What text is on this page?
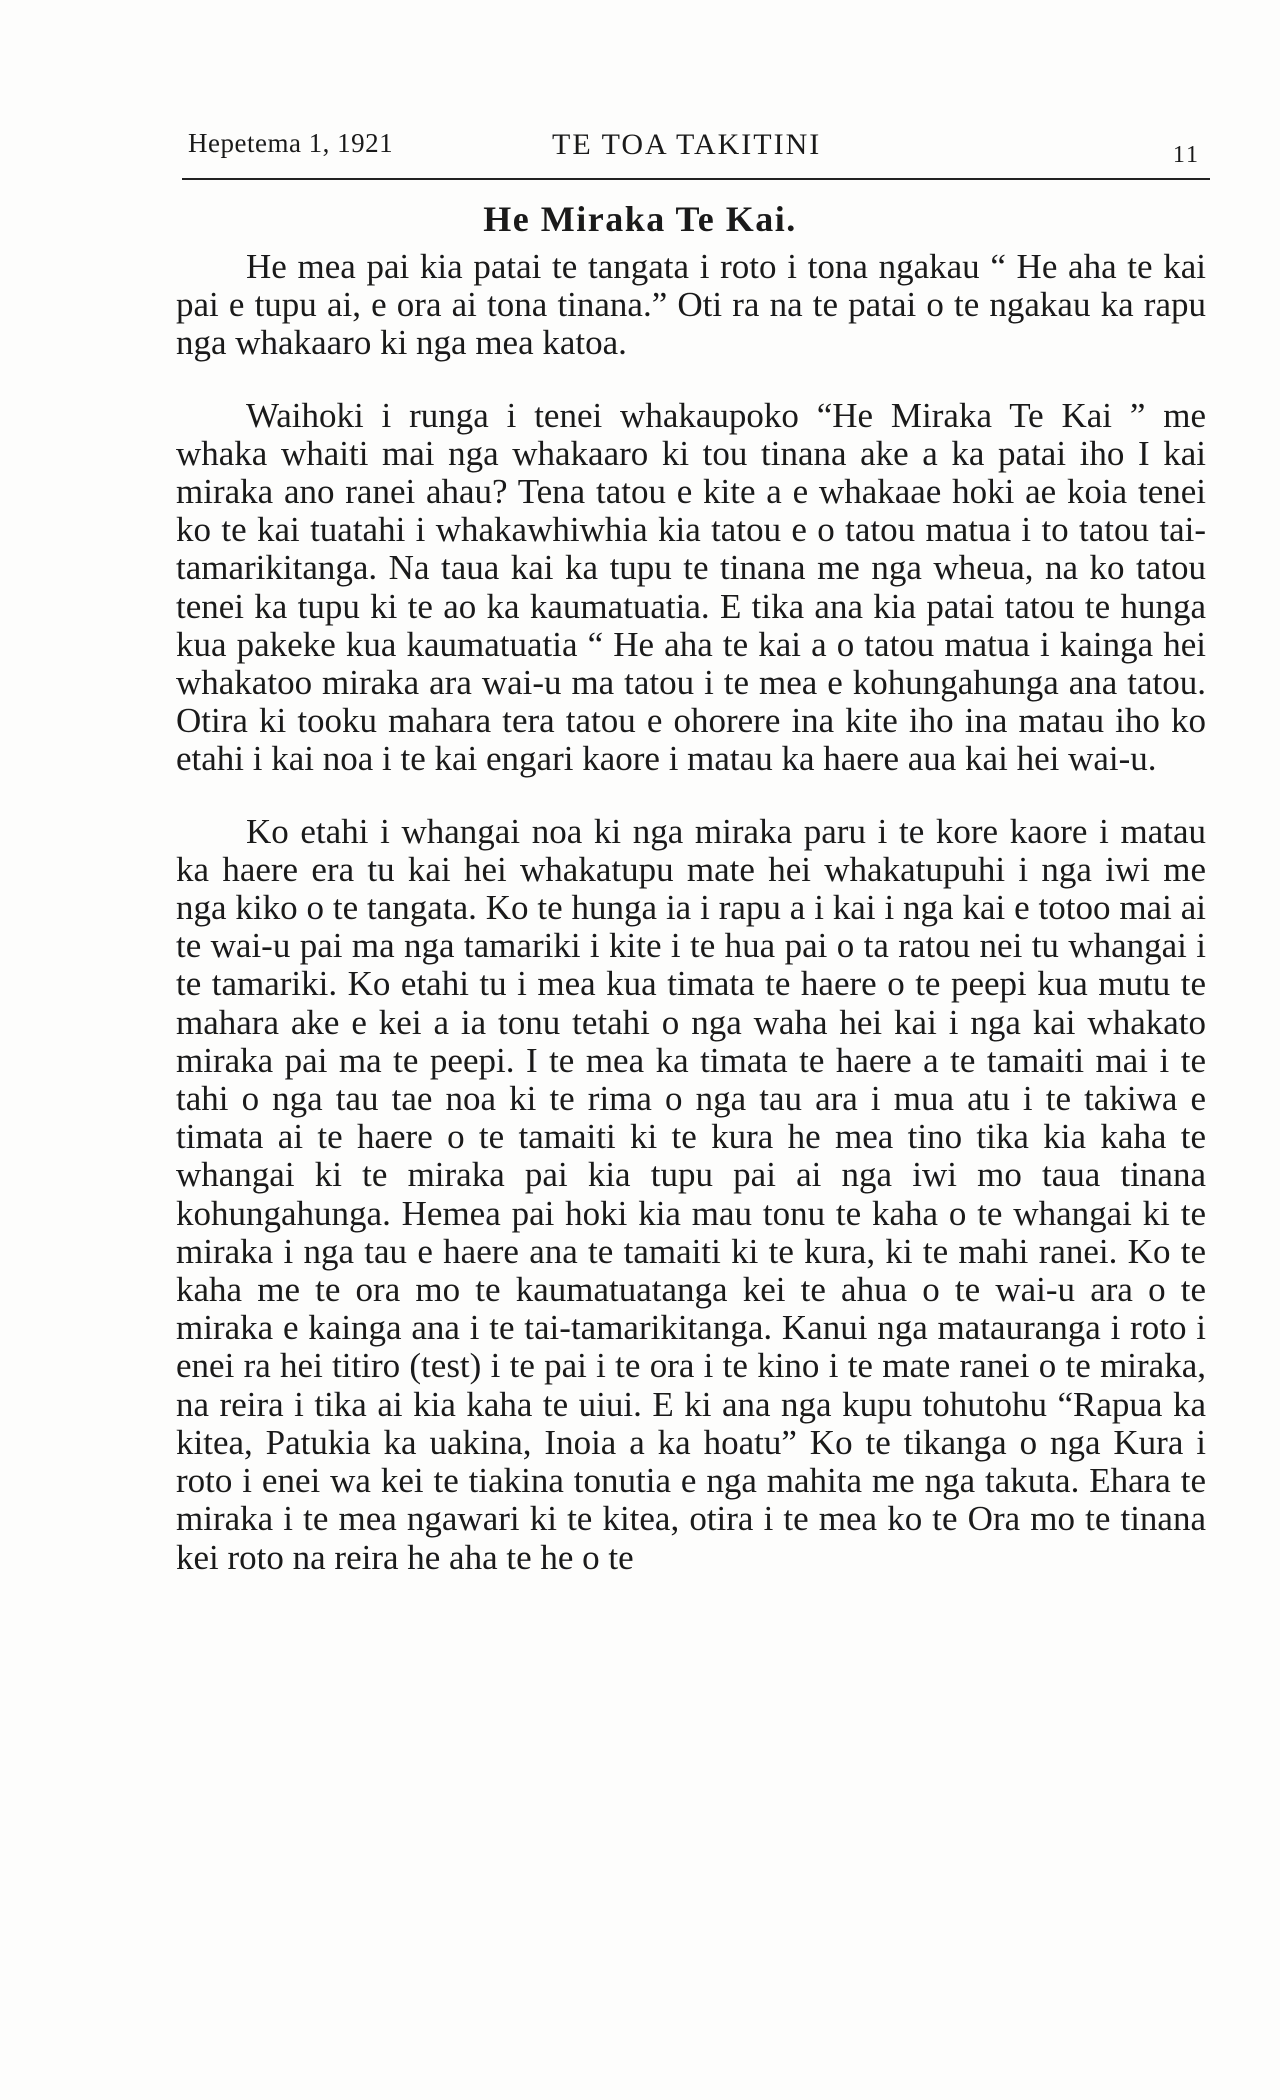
Hepetema 1, 1921	TE TOA TAKITINI	11
He Miraka Te Kai.

He mea pai kia patai te tangata i roto i tona ngakau “ He aha te kai pai e tupu ai, e ora ai tona tinana.” Oti ra na te patai o te ngakau ka rapu nga whakaaro ki nga mea katoa.

Waihoki i runga i tenei whakaupoko “He Miraka Te Kai ” me whaka whaiti mai nga whakaaro ki tou tinana ake a ka patai iho I kai miraka ano ranei ahau? Tena tatou e kite a e whakaae hoki ae koia tenei ko te kai tuatahi i whakawhiwhia kia tatou e o tatou matua i to tatou tai-tamarikitanga. Na taua kai ka tupu te tinana me nga wheua, na ko tatou tenei ka tupu ki te ao ka kaumatuatia. E tika ana kia patai tatou te hunga kua pakeke kua kaumatuatia “ He aha te kai a o tatou matua i kainga hei whakatoo miraka ara wai-u ma tatou i te mea e kohungahunga ana tatou. Otira ki tooku mahara tera tatou e ohorere ina kite iho ina matau iho ko etahi i kai noa i te kai engari kaore i matau ka haere aua kai hei wai-u.

Ko etahi i whangai noa ki nga miraka paru i te kore kaore i matau ka haere era tu kai hei whakatupu mate hei whakatupuhi i nga iwi me nga kiko o te tangata. Ko te hunga ia i rapu a i kai i nga kai e totoo mai ai te wai-u pai ma nga tamariki i kite i te hua pai o ta ratou nei tu whangai i te tamariki. Ko etahi tu i mea kua timata te haere o te peepi kua mutu te mahara ake e kei a ia tonu tetahi o nga waha hei kai i nga kai whakato miraka pai ma te peepi. I te mea ka timata te haere a te tamaiti mai i te tahi o nga tau tae noa ki te rima o nga tau ara i mua atu i te takiwa e timata ai te haere o te tamaiti ki te kura he mea tino tika kia kaha te whangai ki te miraka pai kia tupu pai ai nga iwi mo taua tinana kohungahunga. Hemea pai hoki kia mau tonu te kaha o te whangai ki te miraka i nga tau e haere ana te tamaiti ki te kura, ki te mahi ranei. Ko te kaha me te ora mo te kaumatuatanga kei te ahua o te wai-u ara o te miraka e kainga ana i te tai-tamarikitanga. Kanui nga matauranga i roto i enei ra hei titiro (test) i te pai i te ora i te kino i te mate ranei o te miraka, na reira i tika ai kia kaha te uiui. E ki ana nga kupu tohutohu “Rapua ka kitea, Patukia ka uakina, Inoia a ka hoatu” Ko te tikanga o nga Kura i roto i enei wa kei te tiakina tonutia e nga mahita me nga takuta. Ehara te miraka i te mea ngawari ki te kitea, otira i te mea ko te Ora mo te tinana kei roto na reira he aha te he o te
